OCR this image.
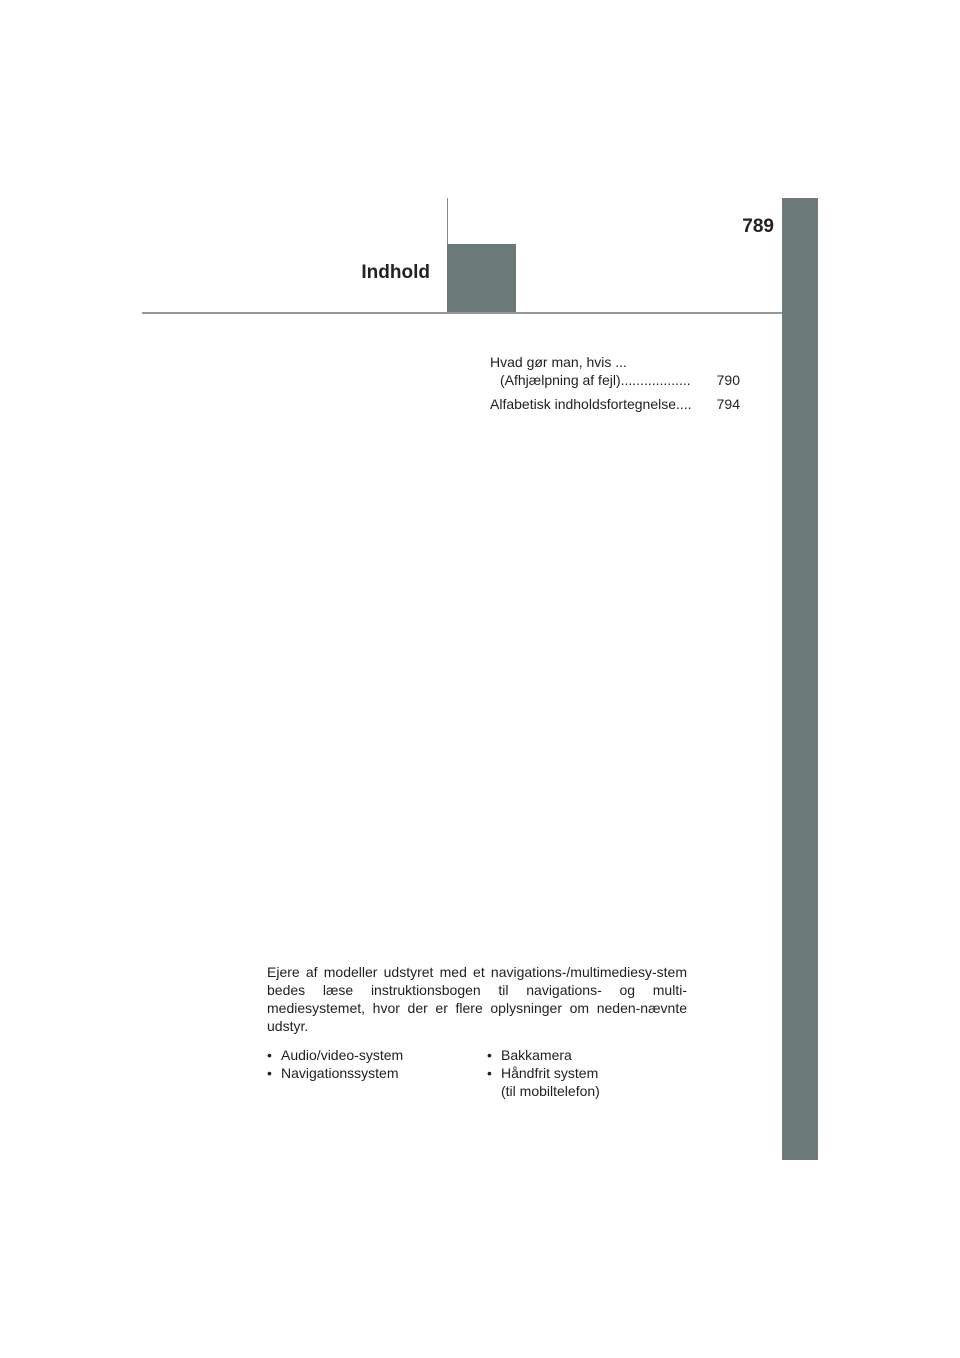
Indhold
789
Hvad gør man, hvis ...
(Afhjælpning af fejl) ..................	790
Alfabetisk indholdsfortegnelse ....	794
Ejere af modeller udstyret med et navigations-/multimediesy-stem bedes læse instruktionsbogen til navigations- og multi-mediesystemet, hvor der er flere oplysninger om neden-nævnte udstyr.
• Audio/video-system
• Navigationssystem
• Bakkamera
• Håndfrit system
(til mobiltelefon)
